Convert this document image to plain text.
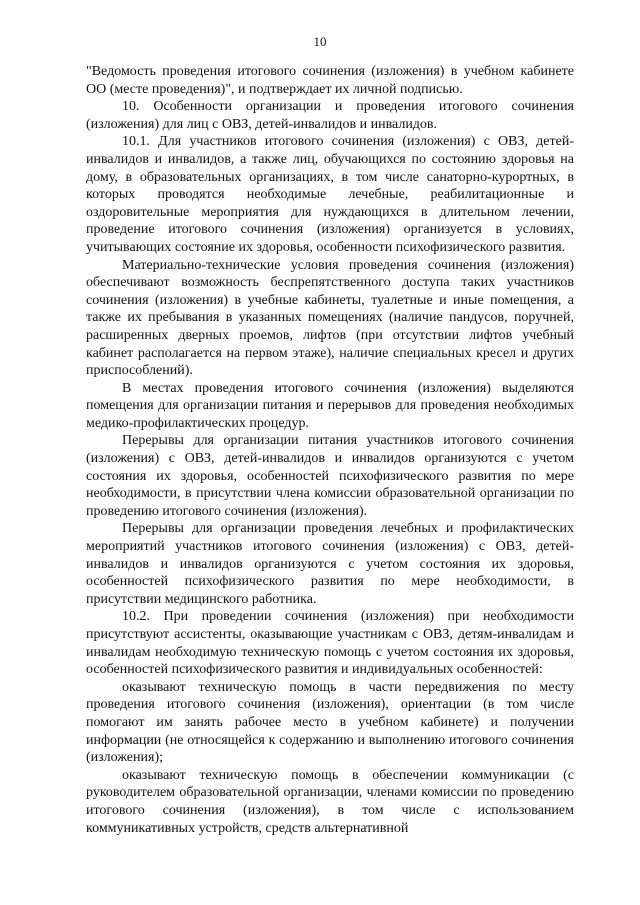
10

"Ведомость проведения итогового сочинения (изложения) в учебном кабинете ОО (месте проведения)", и подтверждает их личной подписью.

10. Особенности организации и проведения итогового сочинения (изложения) для лиц с ОВЗ, детей-инвалидов и инвалидов.

10.1. Для участников итогового сочинения (изложения) с ОВЗ, детей-инвалидов и инвалидов, а также лиц, обучающихся по состоянию здоровья на дому, в образовательных организациях, в том числе санаторно-курортных, в которых проводятся необходимые лечебные, реабилитационные и оздоровительные мероприятия для нуждающихся в длительном лечении, проведение итогового сочинения (изложения) организуется в условиях, учитывающих состояние их здоровья, особенности психофизического развития.

Материально-технические условия проведения сочинения (изложения) обеспечивают возможность беспрепятственного доступа таких участников сочинения (изложения) в учебные кабинеты, туалетные и иные помещения, а также их пребывания в указанных помещениях (наличие пандусов, поручней, расширенных дверных проемов, лифтов (при отсутствии лифтов учебный кабинет располагается на первом этаже), наличие специальных кресел и других приспособлений).

В местах проведения итогового сочинения (изложения) выделяются помещения для организации питания и перерывов для проведения необходимых медико-профилактических процедур.

Перерывы для организации питания участников итогового сочинения (изложения) с ОВЗ, детей-инвалидов и инвалидов организуются с учетом состояния их здоровья, особенностей психофизического развития по мере необходимости, в присутствии члена комиссии образовательной организации по проведению итогового сочинения (изложения).

Перерывы для организации проведения лечебных и профилактических мероприятий участников итогового сочинения (изложения) с ОВЗ, детей-инвалидов и инвалидов организуются с учетом состояния их здоровья, особенностей психофизического развития по мере необходимости, в присутствии медицинского работника.

10.2. При проведении сочинения (изложения) при необходимости присутствуют ассистенты, оказывающие участникам с ОВЗ, детям-инвалидам и инвалидам необходимую техническую помощь с учетом состояния их здоровья, особенностей психофизического развития и индивидуальных особенностей:

оказывают техническую помощь в части передвижения по месту проведения итогового сочинения (изложения), ориентации (в том числе помогают им занять рабочее место в учебном кабинете) и получении информации (не относящейся к содержанию и выполнению итогового сочинения (изложения);

оказывают техническую помощь в обеспечении коммуникации (с руководителем образовательной организации, членами комиссии по проведению итогового сочинения (изложения), в том числе с использованием коммуникативных устройств, средств альтернативной
